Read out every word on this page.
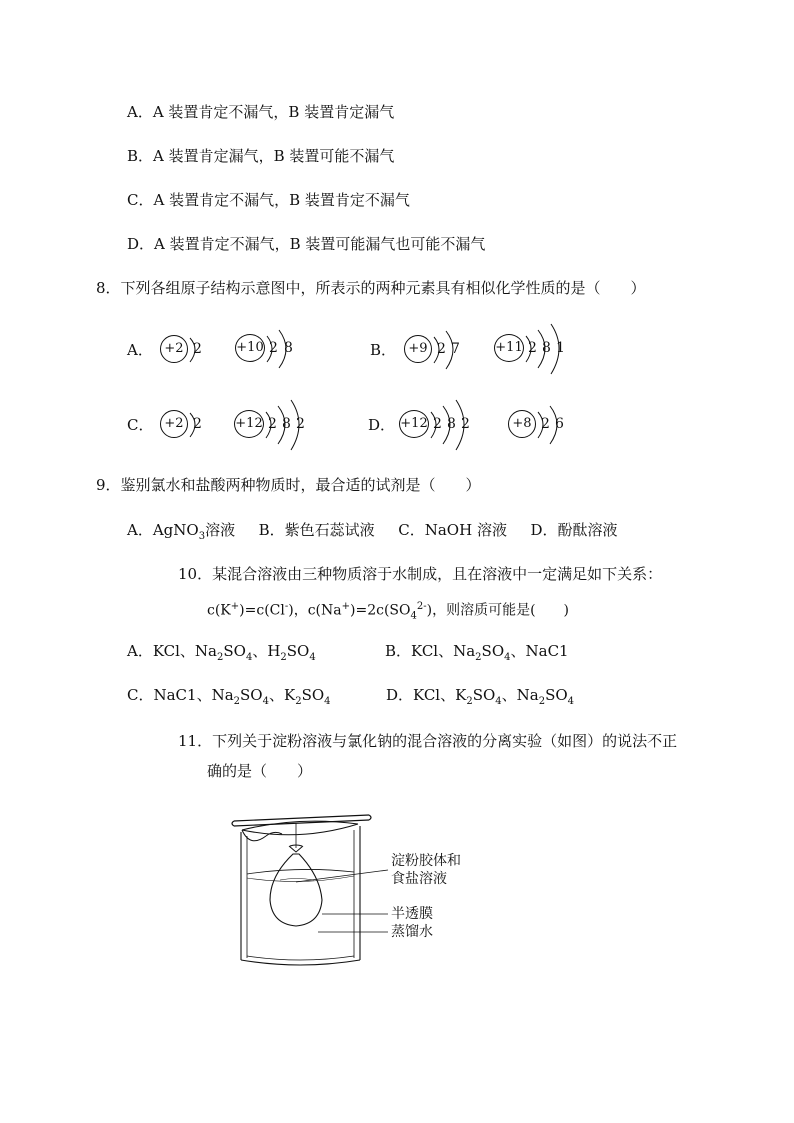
A．A 装置肯定不漏气，B 装置肯定漏气
B．A 装置肯定漏气，B 装置可能不漏气
C．A 装置肯定不漏气，B 装置肯定不漏气
D．A 装置肯定不漏气，B 装置可能漏气也可能不漏气
8．下列各组原子结构示意图中，所表示的两种元素具有相似化学性质的是（　　）
A．	B．
C．	D．
+2 2	+10 2 8	+9 2 7	+11 2 8 1
+2 2	+12 2 8 2	+12 2 8 2	+8 2 6
9．鉴别氯水和盐酸两种物质时，最合适的试剂是（　　）
A．AgNO$_3$溶液 B．紫色石蕊试液 C．NaOH 溶液 D．酚酞溶液
10．某混合溶液由三种物质溶于水制成，且在溶液中一定满足如下关系：
c(K+)=c(Cl-)，$c(Na^+)=2c(SO_4^{2-})$，则溶质可能是(　　)
A．KCl、$Na_2SO_4$、$H_2SO_4$	B．KCl、$Na_2SO_4$、NaC1
C．NaC1、$Na_2SO_4$、$K_2SO_4$	D．KCl、$K_2SO_4$、$Na_2SO_4$
11．下列关于淀粉溶液与氯化钠的混合溶液的分离实验（如图）的说法不正
确的是（　　）
淀粉胶体和
食盐溶液
半透膜
蒸馏水
